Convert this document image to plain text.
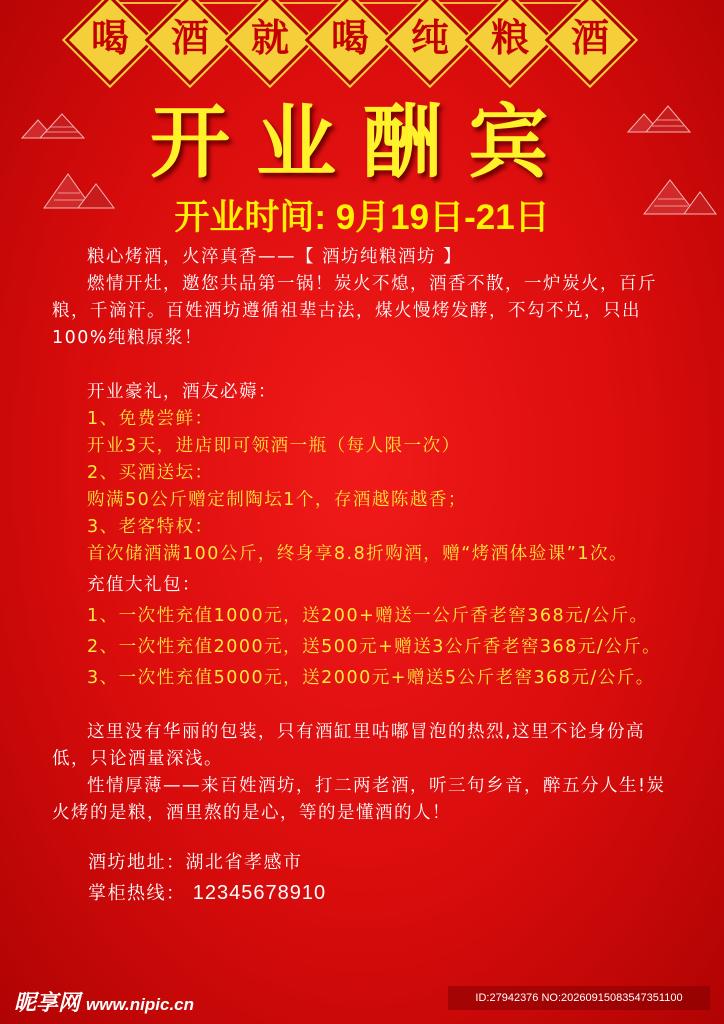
喝	酒	就	喝	纯	粮	酒
开业酬宾
开业时间: 9月19日-21日

粮心烤酒，火淬真香——【 酒坊纯粮酒坊 】

燃情开灶，邀您共品第一锅！炭火不熄，酒香不散，一炉炭火，百斤粮，千滴汗。百姓酒坊遵循祖辈古法，煤火慢烤发酵，不勾不兑，只出100%纯粮原浆！

开业豪礼，酒友必薅：

1、免费尝鲜：

开业3天，进店即可领酒一瓶（每人限一次）

2、买酒送坛：

购满50公斤赠定制陶坛1个，存酒越陈越香；

3、老客特权：

首次储酒满100公斤，终身享8.8折购酒，赠“烤酒体验课”1次。

充值大礼包：

1、一次性充值1000元，送200+赠送一公斤香老窖368元/公斤。

2、一次性充值2000元，送500元+赠送3公斤香老窖368元/公斤。

3、一次性充值5000元，送2000元+赠送5公斤老窖368元/公斤。

这里没有华丽的包装，只有酒缸里咕嘟冒泡的热烈,这里不论身份高低，只论酒量深浅。

性情厚薄——来百姓酒坊，打二两老酒，听三句乡音，醉五分人生!炭火烤的是粮，酒里熬的是心，等的是懂酒的人！

酒坊地址：湖北省孝感市

掌柜热线： 12345678910

昵享网 www.nipic.cn	ID:27942376 NO:20260915083547351100
